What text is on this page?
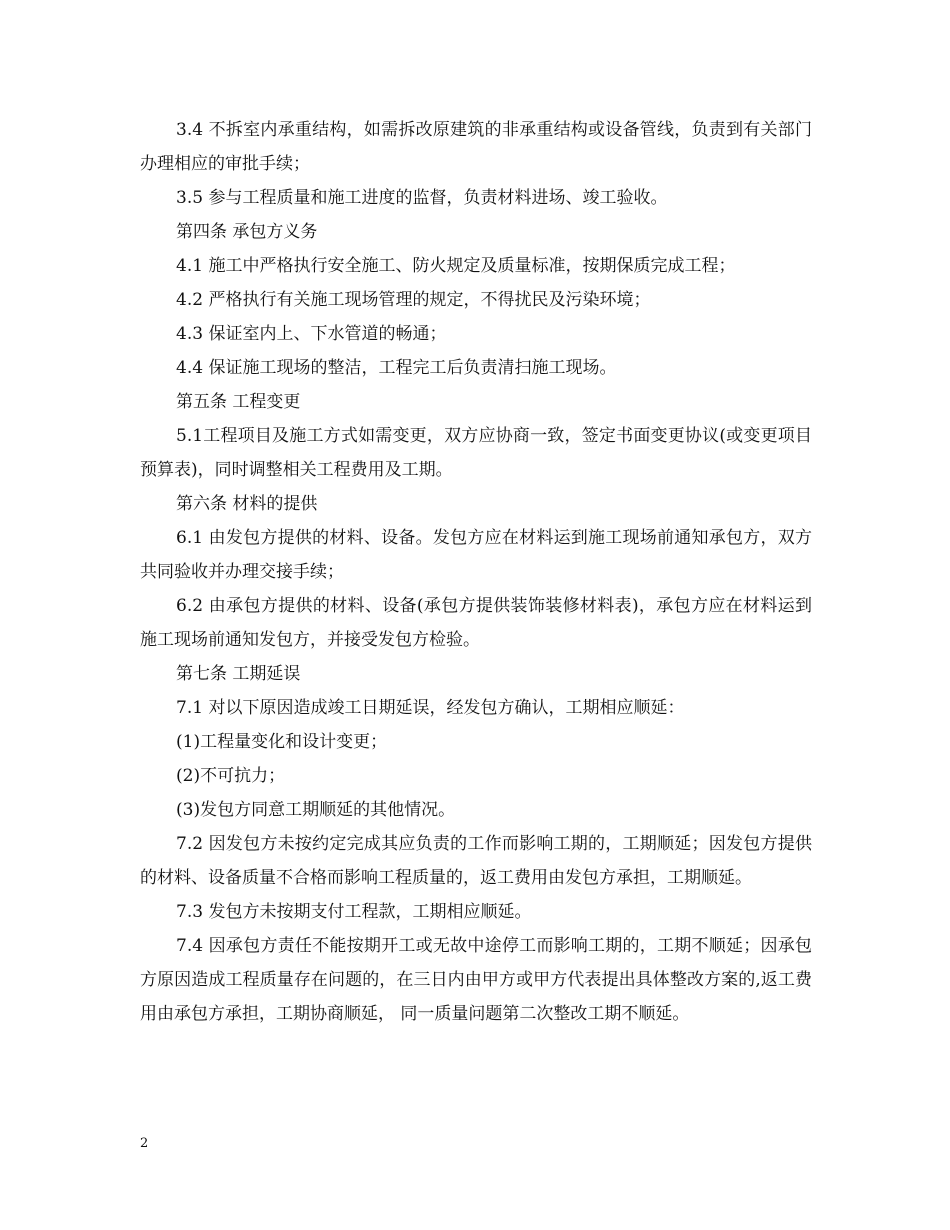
3.4 不拆室内承重结构，如需拆改原建筑的非承重结构或设备管线，负责到有关部门办理相应的审批手续；

3.5 参与工程质量和施工进度的监督，负责材料进场、竣工验收。

第四条 承包方义务

4.1 施工中严格执行安全施工、防火规定及质量标准，按期保质完成工程；

4.2 严格执行有关施工现场管理的规定，不得扰民及污染环境；

4.3 保证室内上、下水管道的畅通；

4.4 保证施工现场的整洁，工程完工后负责清扫施工现场。

第五条 工程变更

5.1工程项目及施工方式如需变更，双方应协商一致，签定书面变更协议(或变更项目预算表)，同时调整相关工程费用及工期。

第六条 材料的提供

6.1 由发包方提供的材料、设备。发包方应在材料运到施工现场前通知承包方，双方共同验收并办理交接手续；

6.2 由承包方提供的材料、设备(承包方提供装饰装修材料表)，承包方应在材料运到施工现场前通知发包方，并接受发包方检验。

第七条 工期延误

7.1 对以下原因造成竣工日期延误，经发包方确认，工期相应顺延：

(1)工程量变化和设计变更；

(2)不可抗力；

(3)发包方同意工期顺延的其他情况。

7.2 因发包方未按约定完成其应负责的工作而影响工期的，工期顺延；因发包方提供的材料、设备质量不合格而影响工程质量的，返工费用由发包方承担，工期顺延。

7.3 发包方未按期支付工程款，工期相应顺延。

7.4 因承包方责任不能按期开工或无故中途停工而影响工期的，工期不顺延；因承包方原因造成工程质量存在问题的，在三日内由甲方或甲方代表提出具体整改方案的,返工费用由承包方承担，工期协商顺延， 同一质量问题第二次整改工期不顺延。

2
